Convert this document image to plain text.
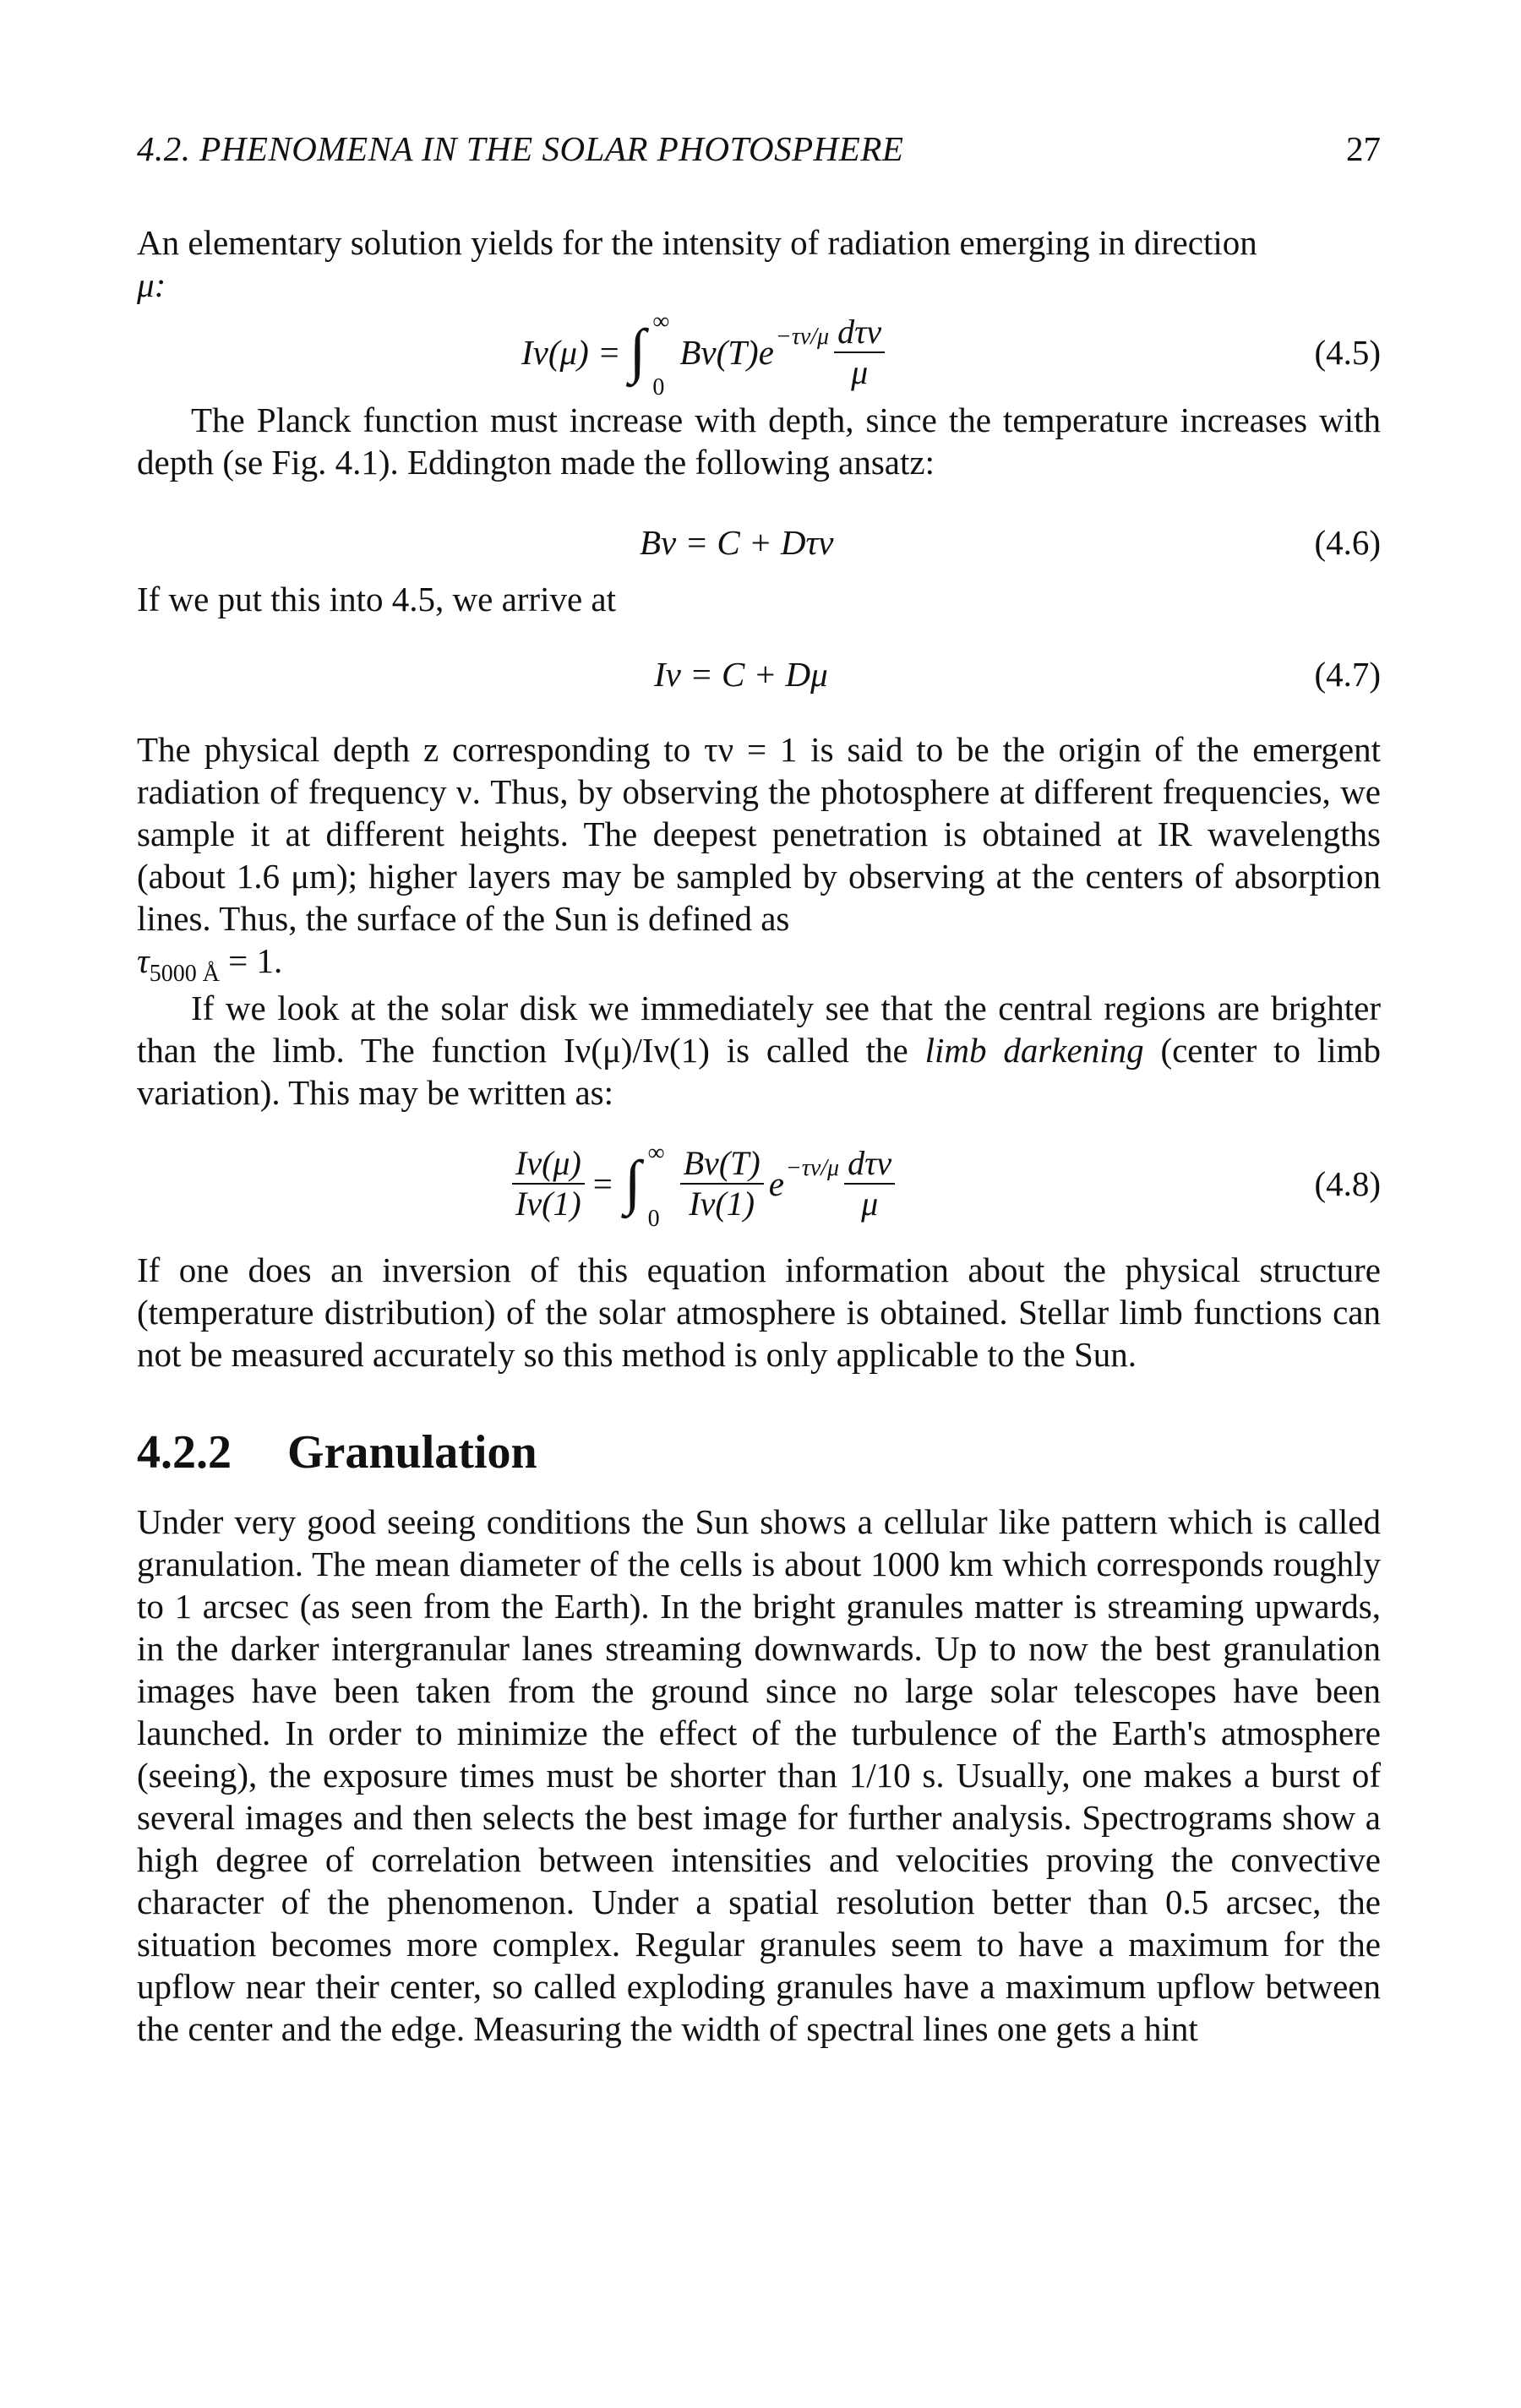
4.2. PHENOMENA IN THE SOLAR PHOTOSPHERE	27

An elementary solution yields for the intensity of radiation emerging in direction
μ:

Iν(μ) = ∫ ∞
0
$B\nu(T)e -\tau\nu/\mu \frac{\text{dτν}}{\mu}$	(4.5)

The Planck function must increase with depth, since the temperature increases with depth (se Fig. 4.1). Eddington made the following ansatz:

Bν = C + Dτν	(4.6)

If we put this into 4.5, we arrive at

Iν = C + Dμ	(4.7)

The physical depth z corresponding to τν = 1 is said to be the origin of the emergent radiation of frequency ν. Thus, by observing the photosphere at different frequencies, we sample it at different heights. The deepest penetration is obtained at IR wavelengths (about 1.6 μm); higher layers may be sampled by observing at the centers of absorption lines. Thus, the surface of the Sun is defined as
$\tau_{5000 Å} = 1$.

If we look at the solar disk we immediately see that the central regions are brighter than the limb. The function Iν(μ)/Iν(1) is called the limb darkening (center to limb variation). This may be written as:

$\frac{I\nu(\mu)}{I\nu(1)}$ = ∫ ∞
$0 \frac{B\nu(T)}{I\nu(1)}$ $e -\tau\nu/\mu \frac{\text{dτν}}{\mu}$	(4.8)

If one does an inversion of this equation information about the physical structure (temperature distribution) of the solar atmosphere is obtained. Stellar limb functions can not be measured accurately so this method is only applicable to the Sun.

4.2.2 Granulation

Under very good seeing conditions the Sun shows a cellular like pattern which is called granulation. The mean diameter of the cells is about 1000 km which corresponds roughly to 1 arcsec (as seen from the Earth). In the bright granules matter is streaming upwards, in the darker intergranular lanes streaming downwards. Up to now the best granulation images have been taken from the ground since no large solar telescopes have been launched. In order to minimize the effect of the turbulence of the Earth's atmosphere (seeing), the exposure times must be shorter than 1/10 s. Usually, one makes a burst of several images and then selects the best image for further analysis. Spectrograms show a high degree of correlation between intensities and velocities proving the convective character of the phenomenon. Under a spatial resolution better than 0.5 arcsec, the situation becomes more complex. Regular granules seem to have a maximum for the upflow near their center, so called exploding granules have a maximum upflow between the center and the edge. Measuring the width of spectral lines one gets a hint
